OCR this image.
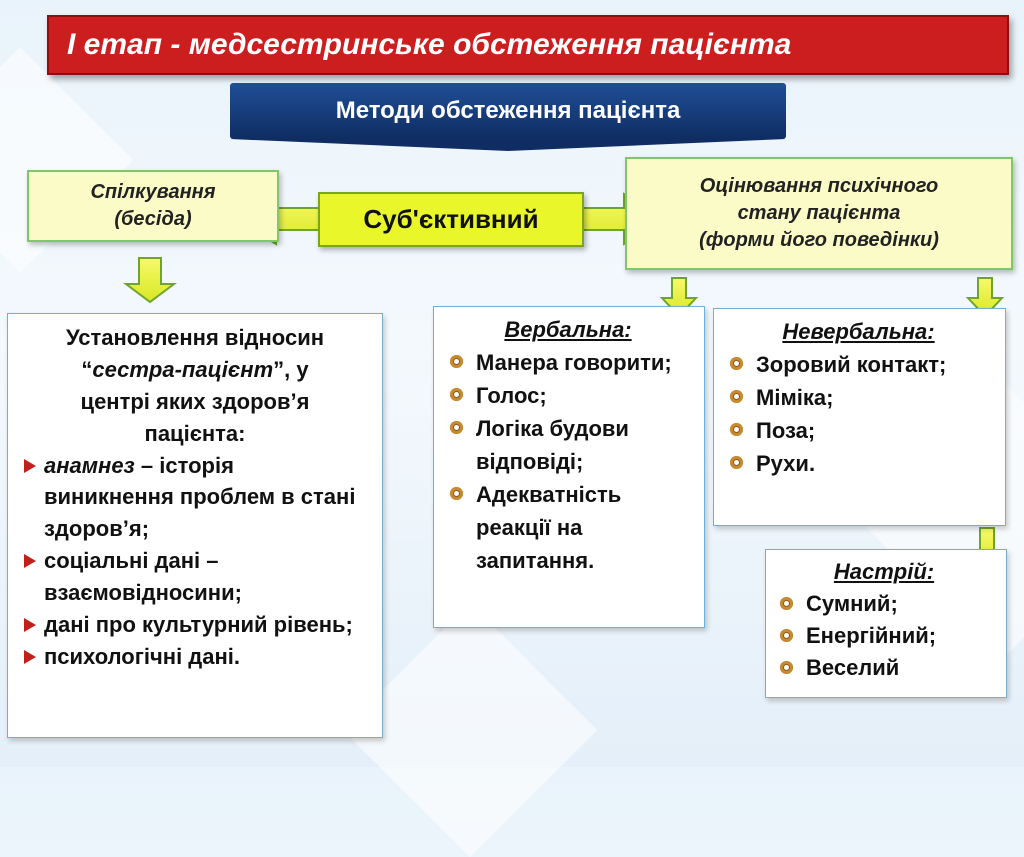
І етап - медсестринське обстеження пацієнта
Методи обстеження пацієнта
Спілкування
(бесіда)	Суб'єктивний
Оцінювання психічного
стану пацієнта
(форми його поведінки)
Установлення відносин
“сестра-пацієнт”, у
центрі яких здоров’я
пацієнта:
анамнез – історія виникнення проблем в стані здоров’я;
соціальні дані – взаємовідносини;
дані про культурний рівень;
психологічні дані.
Вербальна:
Манера говорити;
Голос;
Логіка будови відповіді;
Адекватність реакції на запитання.
Невербальна:
Зоровий контакт;
Міміка;
Поза;
Рухи.
Настрій:
Сумний;
Енергійний;
Веселий
